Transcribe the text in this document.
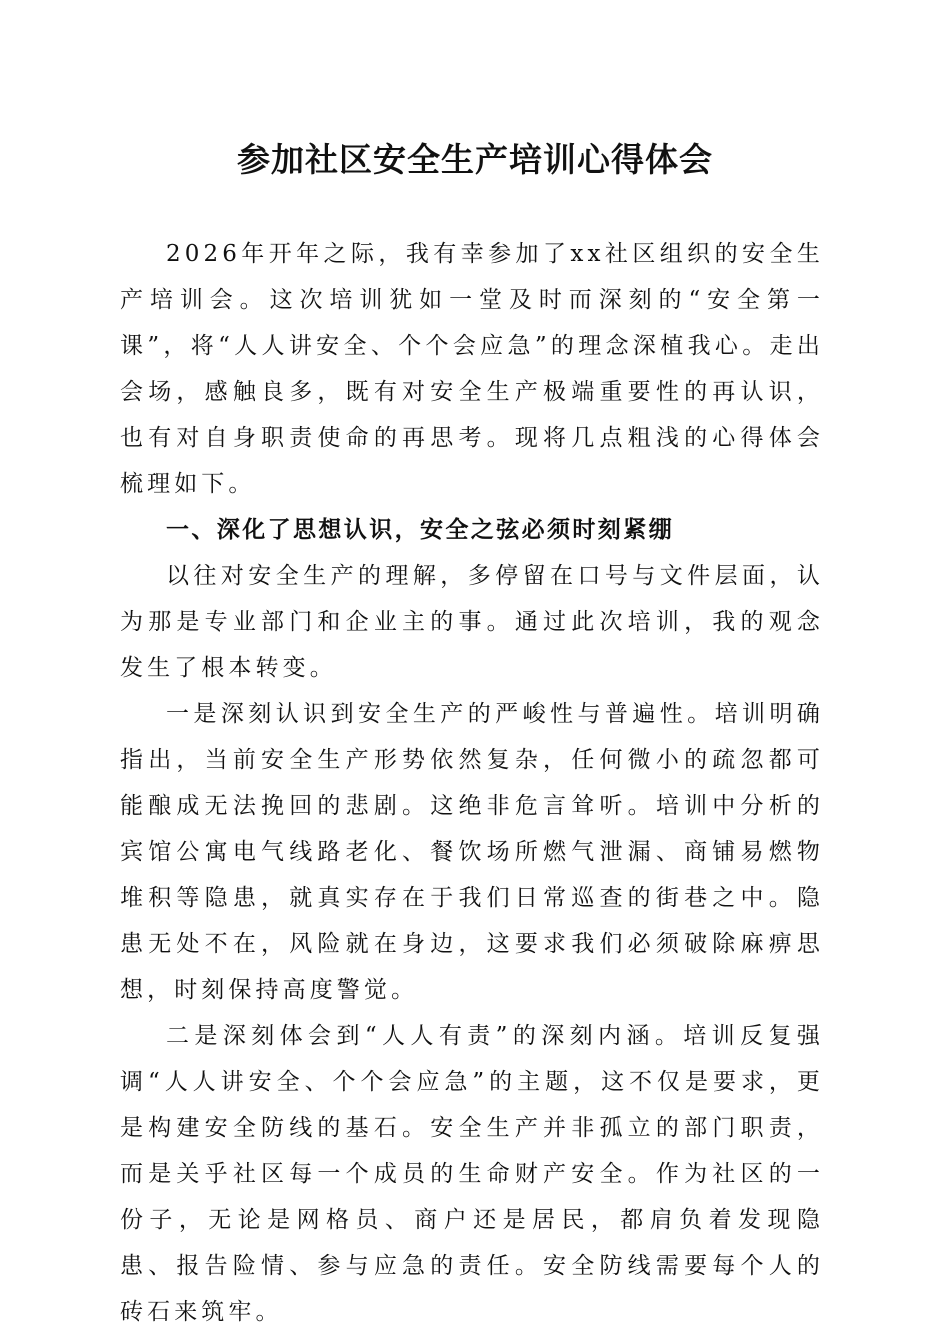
参加社区安全生产培训心得体会

2026年开年之际，我有幸参加了xx社区组织的安全生产培训会。这次培训犹如一堂及时而深刻的“安全第一课”，将“人人讲安全、个个会应急”的理念深植我心。走出会场，感触良多，既有对安全生产极端重要性的再认识，也有对自身职责使命的再思考。现将几点粗浅的心得体会梳理如下。

一、深化了思想认识，安全之弦必须时刻紧绷

以往对安全生产的理解，多停留在口号与文件层面，认为那是专业部门和企业主的事。通过此次培训，我的观念发生了根本转变。

一是深刻认识到安全生产的严峻性与普遍性。培训明确指出，当前安全生产形势依然复杂，任何微小的疏忽都可能酿成无法挽回的悲剧。这绝非危言耸听。培训中分析的宾馆公寓电气线路老化、餐饮场所燃气泄漏、商铺易燃物堆积等隐患，就真实存在于我们日常巡查的街巷之中。隐患无处不在，风险就在身边，这要求我们必须破除麻痹思想，时刻保持高度警觉。

二是深刻体会到“人人有责”的深刻内涵。培训反复强调“人人讲安全、个个会应急”的主题，这不仅是要求，更是构建安全防线的基石。安全生产并非孤立的部门职责，而是关乎社区每一个成员的生命财产安全。作为社区的一份子，无论是网格员、商户还是居民，都肩负着发现隐患、报告险情、参与应急的责任。安全防线需要每个人的砖石来筑牢。
